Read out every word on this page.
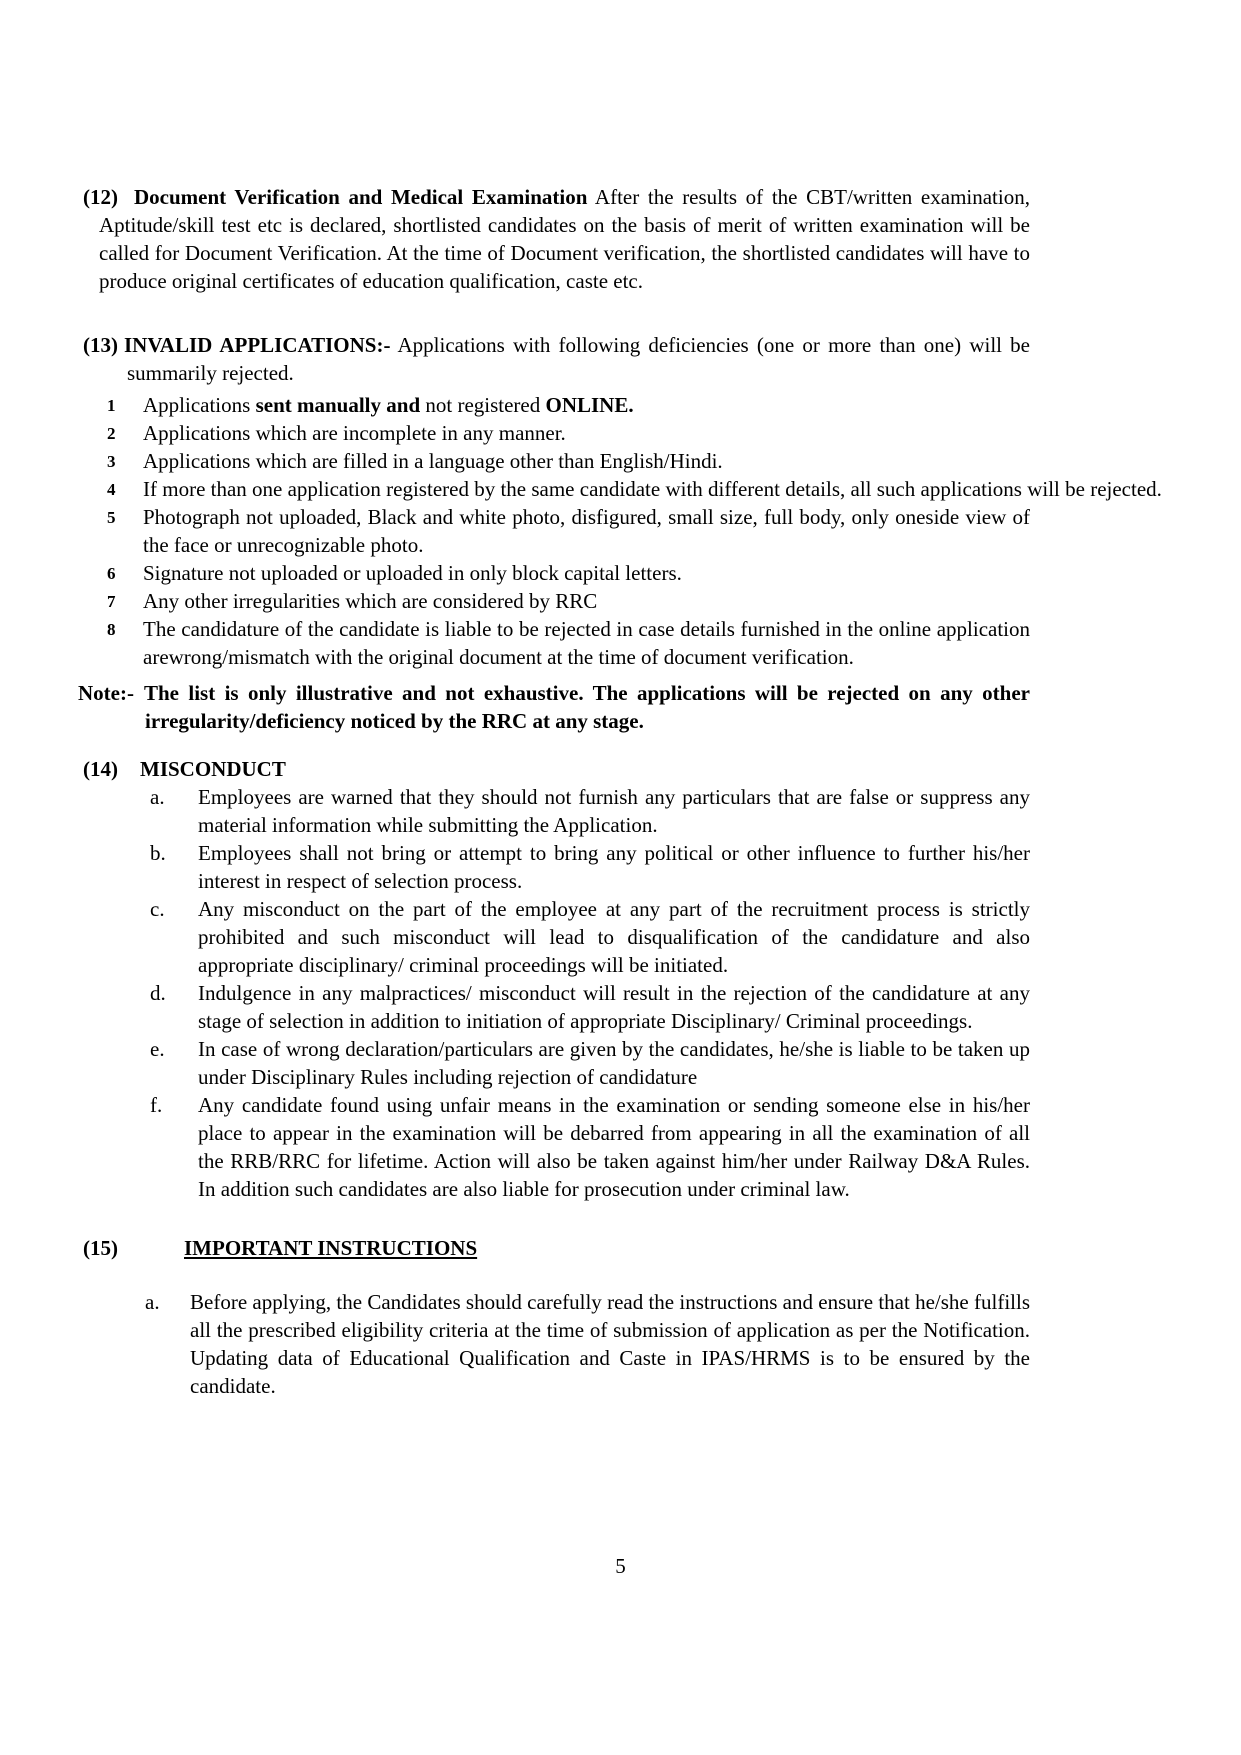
(12) Document Verification and Medical Examination After the results of the CBT/written examination, Aptitude/skill test etc is declared, shortlisted candidates on the basis of merit of written examination will be called for Document Verification. At the time of Document verification, the shortlisted candidates will have to produce original certificates of education qualification, caste etc.

(13) INVALID APPLICATIONS:- Applications with following deficiencies (one or more than one) will be summarily rejected.

1 Applications sent manually and not registered ONLINE.
2 Applications which are incomplete in any manner.
3 Applications which are filled in a language other than English/Hindi.
4 If more than one application registered by the same candidate with different details, all such applications will be rejected.
5 Photograph not uploaded, Black and white photo, disfigured, small size, full body, only oneside view of the face or unrecognizable photo.
6 Signature not uploaded or uploaded in only block capital letters.
7 Any other irregularities which are considered by RRC
8 The candidature of the candidate is liable to be rejected in case details furnished in the online application arewrong/mismatch with the original document at the time of document verification.

Note:- The list is only illustrative and not exhaustive. The applications will be rejected on any other irregularity/deficiency noticed by the RRC at any stage.

(14) MISCONDUCT

a. Employees are warned that they should not furnish any particulars that are false or suppress any material information while submitting the Application.
b. Employees shall not bring or attempt to bring any political or other influence to further his/her interest in respect of selection process.
c. Any misconduct on the part of the employee at any part of the recruitment process is strictly prohibited and such misconduct will lead to disqualification of the candidature and also appropriate disciplinary/ criminal proceedings will be initiated.
d. Indulgence in any malpractices/ misconduct will result in the rejection of the candidature at any stage of selection in addition to initiation of appropriate Disciplinary/ Criminal proceedings.
e. In case of wrong declaration/particulars are given by the candidates, he/she is liable to be taken up under Disciplinary Rules including rejection of candidature
f. Any candidate found using unfair means in the examination or sending someone else in his/her place to appear in the examination will be debarred from appearing in all the examination of all the RRB/RRC for lifetime. Action will also be taken against him/her under Railway D&A Rules. In addition such candidates are also liable for prosecution under criminal law.

(15)	IMPORTANT INSTRUCTIONS

a. Before applying, the Candidates should carefully read the instructions and ensure that he/she fulfills all the prescribed eligibility criteria at the time of submission of application as per the Notification. Updating data of Educational Qualification and Caste in IPAS/HRMS is to be ensured by the candidate.
5
